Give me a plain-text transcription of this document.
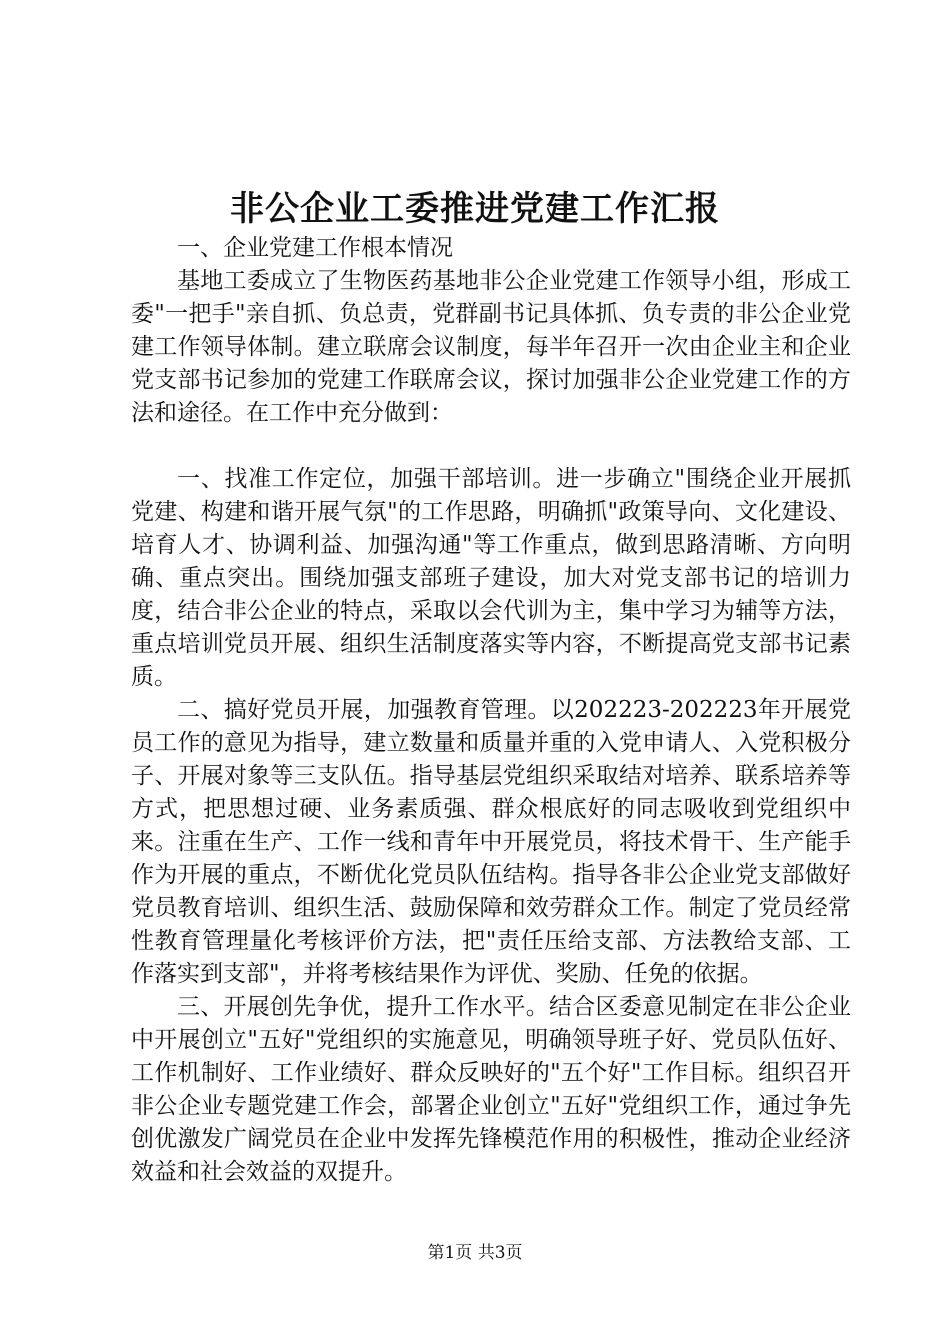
非公企业工委推进党建工作汇报

一、企业党建工作根本情况

基地工委成立了生物医药基地非公企业党建工作领导小组，形成工委"一把手"亲自抓、负总责，党群副书记具体抓、负专责的非公企业党建工作领导体制。建立联席会议制度，每半年召开一次由企业主和企业党支部书记参加的党建工作联席会议，探讨加强非公企业党建工作的方法和途径。在工作中充分做到：

一、找准工作定位，加强干部培训。进一步确立"围绕企业开展抓党建、构建和谐开展气氛"的工作思路，明确抓"政策导向、文化建设、培育人才、协调利益、加强沟通"等工作重点，做到思路清晰、方向明确、重点突出。围绕加强支部班子建设，加大对党支部书记的培训力度，结合非公企业的特点，采取以会代训为主，集中学习为辅等方法，重点培训党员开展、组织生活制度落实等内容，不断提高党支部书记素质。

二、搞好党员开展，加强教育管理。以202223-202223年开展党员工作的意见为指导，建立数量和质量并重的入党申请人、入党积极分子、开展对象等三支队伍。指导基层党组织采取结对培养、联系培养等方式，把思想过硬、业务素质强、群众根底好的同志吸收到党组织中来。注重在生产、工作一线和青年中开展党员，将技术骨干、生产能手作为开展的重点，不断优化党员队伍结构。指导各非公企业党支部做好党员教育培训、组织生活、鼓励保障和效劳群众工作。制定了党员经常性教育管理量化考核评价方法，把"责任压给支部、方法教给支部、工作落实到支部"，并将考核结果作为评优、奖励、任免的依据。

三、开展创先争优，提升工作水平。结合区委意见制定在非公企业中开展创立"五好"党组织的实施意见，明确领导班子好、党员队伍好、工作机制好、工作业绩好、群众反映好的"五个好"工作目标。组织召开非公企业专题党建工作会，部署企业创立"五好"党组织工作，通过争先创优激发广阔党员在企业中发挥先锋模范作用的积极性，推动企业经济效益和社会效益的双提升。

第1页 共3页
